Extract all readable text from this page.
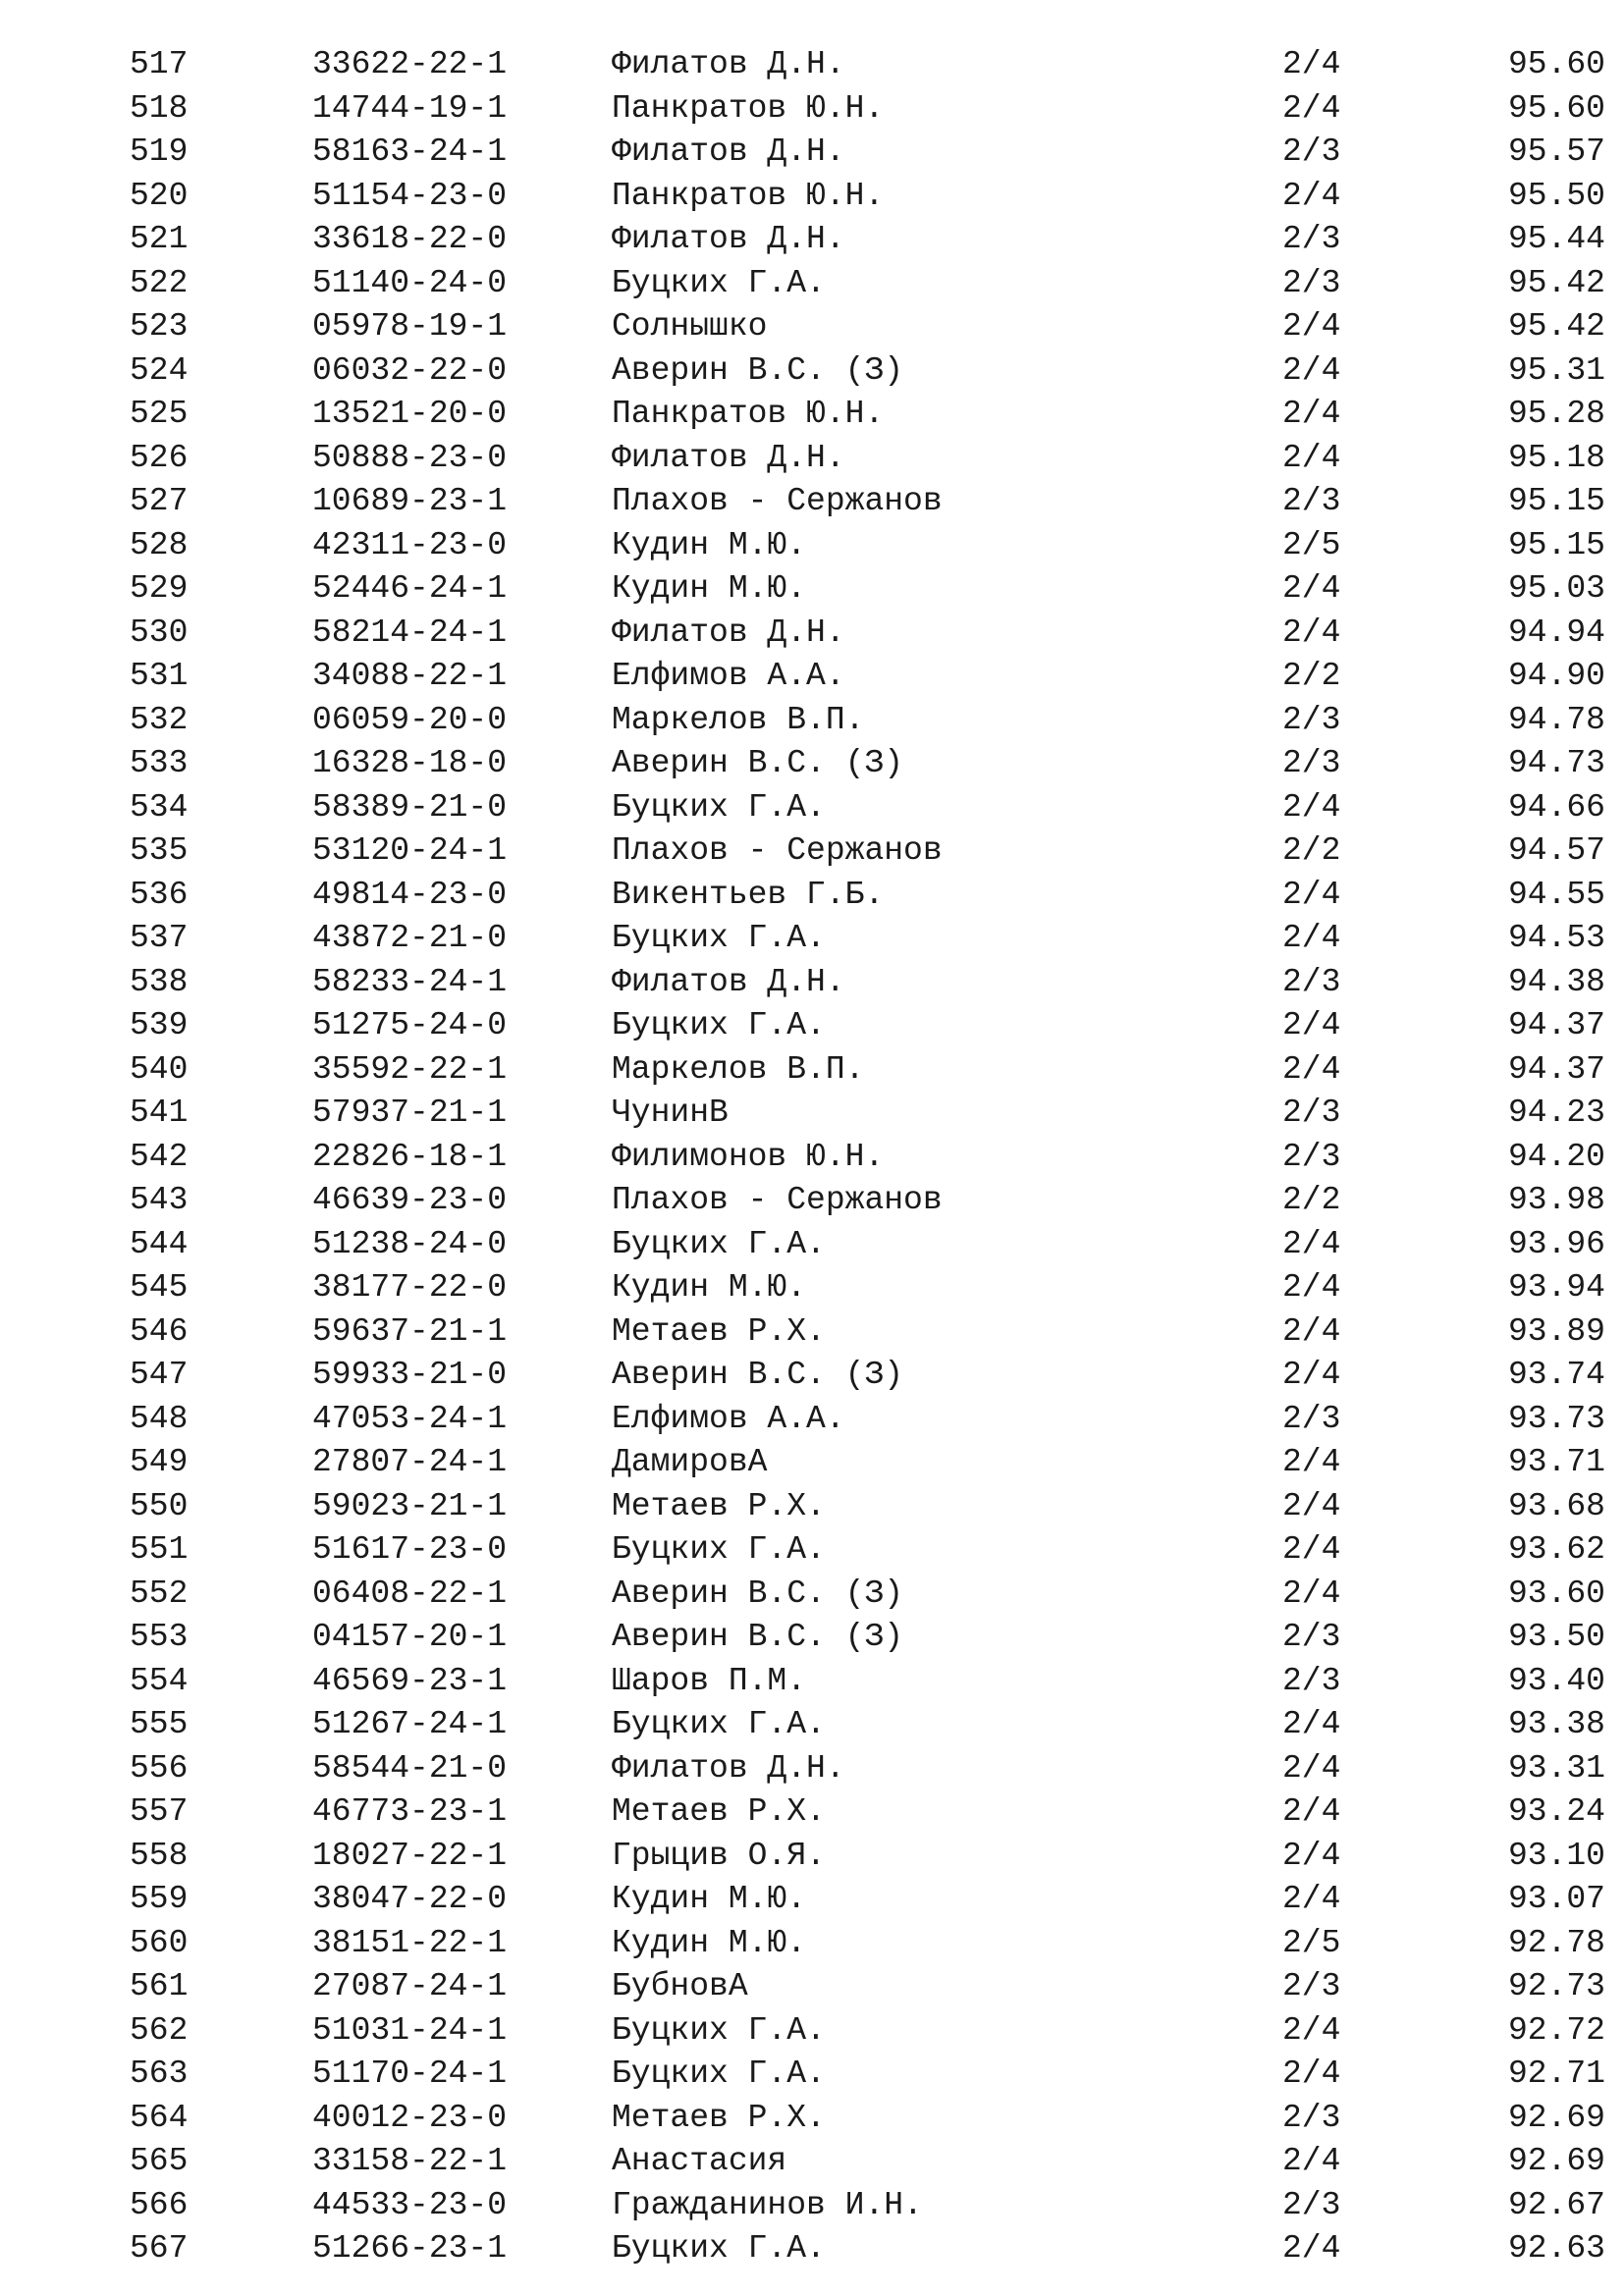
517	33622-22-1	Филатов Д.Н.	2/4	95.60
518	14744-19-1	Панкратов Ю.Н.	2/4	95.60
519	58163-24-1	Филатов Д.Н.	2/3	95.57
520	51154-23-0	Панкратов Ю.Н.	2/4	95.50
521	33618-22-0	Филатов Д.Н.	2/3	95.44
522	51140-24-0	Буцких Г.А.	2/3	95.42
523	05978-19-1	Солнышко	2/4	95.42
524	06032-22-0	Аверин В.С. (З)	2/4	95.31
525	13521-20-0	Панкратов Ю.Н.	2/4	95.28
526	50888-23-0	Филатов Д.Н.	2/4	95.18
527	10689-23-1	Плахов - Сержанов	2/3	95.15
528	42311-23-0	Кудин М.Ю.	2/5	95.15
529	52446-24-1	Кудин М.Ю.	2/4	95.03
530	58214-24-1	Филатов Д.Н.	2/4	94.94
531	34088-22-1	Елфимов А.А.	2/2	94.90
532	06059-20-0	Маркелов В.П.	2/3	94.78
533	16328-18-0	Аверин В.С. (З)	2/3	94.73
534	58389-21-0	Буцких Г.А.	2/4	94.66
535	53120-24-1	Плахов - Сержанов	2/2	94.57
536	49814-23-0	Викентьев Г.Б.	2/4	94.55
537	43872-21-0	Буцких Г.А.	2/4	94.53
538	58233-24-1	Филатов Д.Н.	2/3	94.38
539	51275-24-0	Буцких Г.А.	2/4	94.37
540	35592-22-1	Маркелов В.П.	2/4	94.37
541	57937-21-1	ЧунинВ	2/3	94.23
542	22826-18-1	Филимонов Ю.Н.	2/3	94.20
543	46639-23-0	Плахов - Сержанов	2/2	93.98
544	51238-24-0	Буцких Г.А.	2/4	93.96
545	38177-22-0	Кудин М.Ю.	2/4	93.94
546	59637-21-1	Метаев Р.Х.	2/4	93.89
547	59933-21-0	Аверин В.С. (З)	2/4	93.74
548	47053-24-1	Елфимов А.А.	2/3	93.73
549	27807-24-1	ДамировА	2/4	93.71
550	59023-21-1	Метаев Р.Х.	2/4	93.68
551	51617-23-0	Буцких Г.А.	2/4	93.62
552	06408-22-1	Аверин В.С. (З)	2/4	93.60
553	04157-20-1	Аверин В.С. (З)	2/3	93.50
554	46569-23-1	Шаров П.М.	2/3	93.40
555	51267-24-1	Буцких Г.А.	2/4	93.38
556	58544-21-0	Филатов Д.Н.	2/4	93.31
557	46773-23-1	Метаев Р.Х.	2/4	93.24
558	18027-22-1	Грыцив О.Я.	2/4	93.10
559	38047-22-0	Кудин М.Ю.	2/4	93.07
560	38151-22-1	Кудин М.Ю.	2/5	92.78
561	27087-24-1	БубновА	2/3	92.73
562	51031-24-1	Буцких Г.А.	2/4	92.72
563	51170-24-1	Буцких Г.А.	2/4	92.71
564	40012-23-0	Метаев Р.Х.	2/3	92.69
565	33158-22-1	Анастасия	2/4	92.69
566	44533-23-0	Гражданинов И.Н.	2/3	92.67
567	51266-23-1	Буцких Г.А.	2/4	92.63
